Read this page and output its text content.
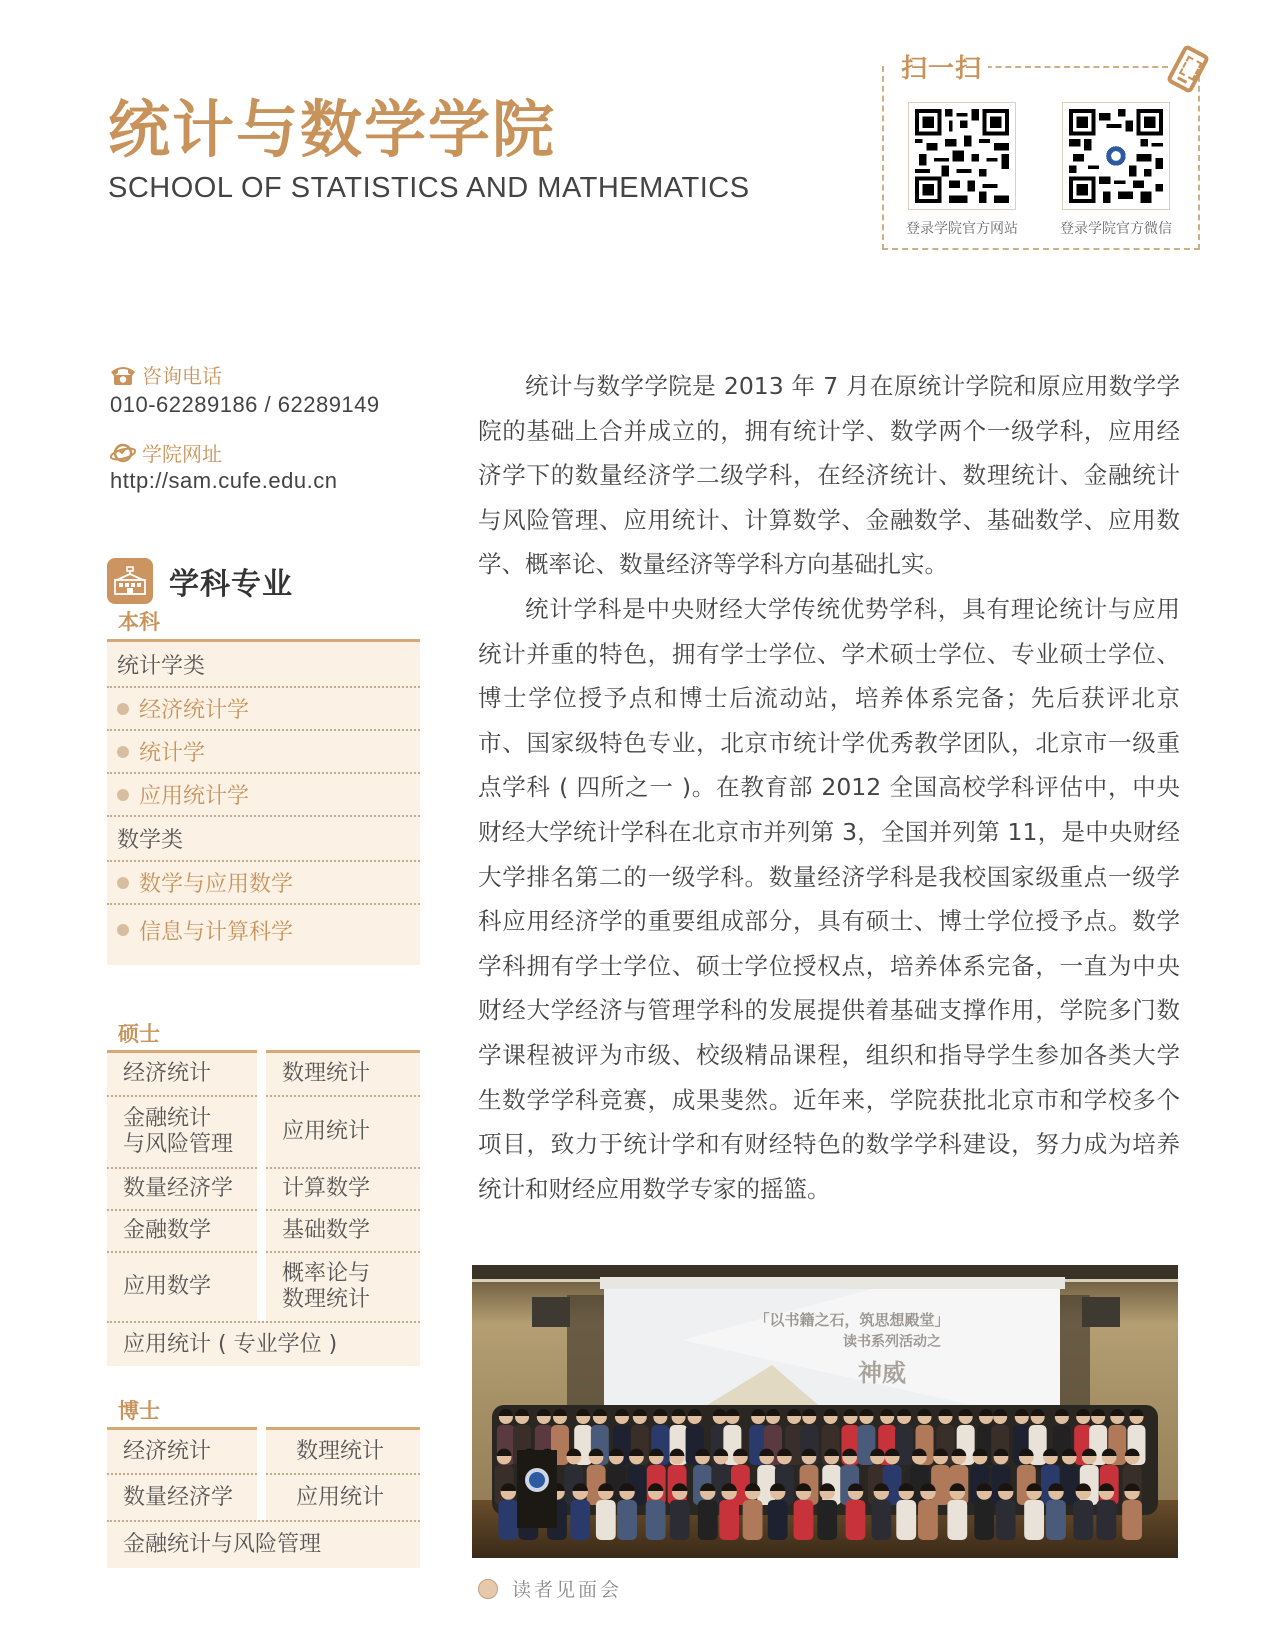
统计与数学学院
SCHOOL OF STATISTICS AND MATHEMATICS
扫一扫
登录学院官方网站	登录学院官方微信
咨询电话
010-62289186 / 62289149
学院网址
http://sam.cufe.edu.cn
学科专业
本科
统计学类
经济统计学
统计学
应用统计学
数学类
数学与应用数学
信息与计算科学
硕士
经济统计
金融统计
与风险管理
数量经济学
金融数学
应用数学
数理统计
应用统计
计算数学
基础数学
概率论与
数理统计
应用统计 ( 专业学位 )
博士
经济统计
数量经济学
数理统计
应用统计
金融统计与风险管理

统计与数学学院是 2013 年 7 月在原统计学院和原应用数学学院的基础上合并成立的，拥有统计学、数学两个一级学科，应用经济学下的数量经济学二级学科，在经济统计、数理统计、金融统计与风险管理、应用统计、计算数学、金融数学、基础数学、应用数学、概率论、数量经济等学科方向基础扎实。

统计学科是中央财经大学传统优势学科，具有理论统计与应用统计并重的特色，拥有学士学位、学术硕士学位、专业硕士学位、博士学位授予点和博士后流动站，培养体系完备；先后获评北京市、国家级特色专业，北京市统计学优秀教学团队，北京市一级重点学科 ( 四所之一 )。在教育部 2012 全国高校学科评估中，中央财经大学统计学科在北京市并列第 3，全国并列第 11，是中央财经大学排名第二的一级学科。数量经济学科是我校国家级重点一级学科应用经济学的重要组成部分，具有硕士、博士学位授予点。数学学科拥有学士学位、硕士学位授权点，培养体系完备，一直为中央财经大学经济与管理学科的发展提供着基础支撑作用，学院多门数学课程被评为市级、校级精品课程，组织和指导学生参加各类大学生数学学科竞赛，成果斐然。近年来，学院获批北京市和学校多个项目，致力于统计学和有财经特色的数学学科建设，努力成为培养统计和财经应用数学专家的摇篮。

「以书籍之石，筑思想殿堂」
读书系列活动之
神威
读者见面会
